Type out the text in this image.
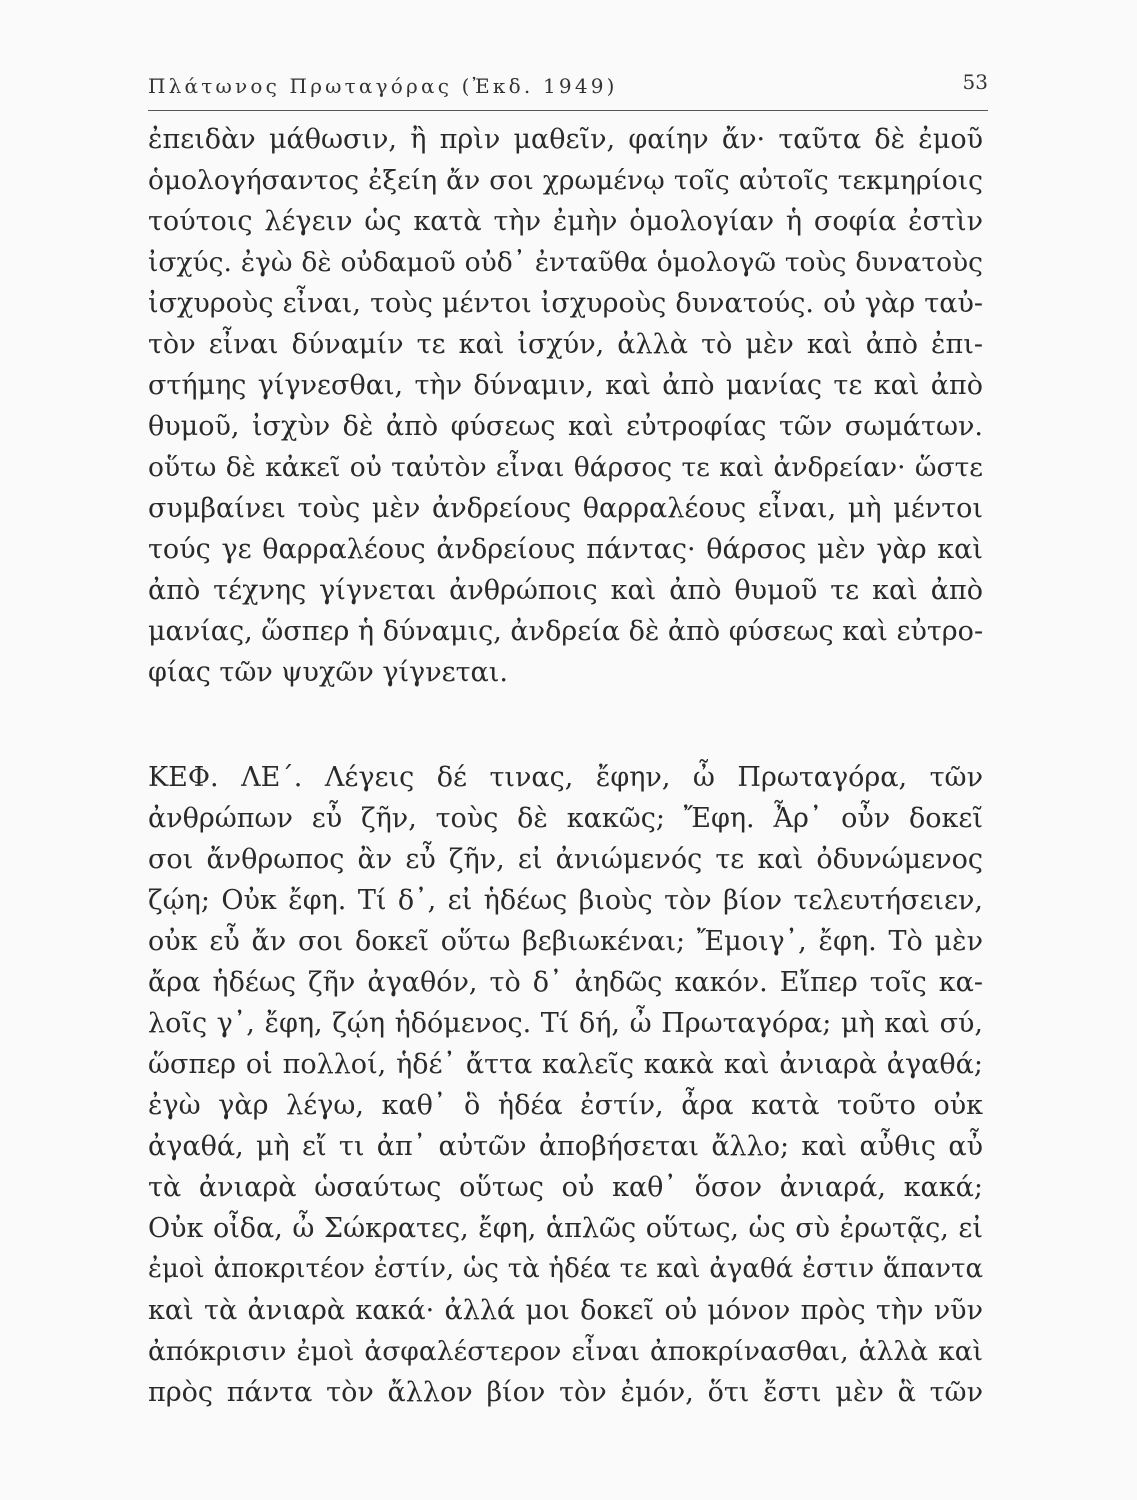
Πλάτωνος Πρωταγόρας (Ἐκδ. 1949)	53
ἐπειδὰν μάθωσιν, ἢ πρὶν μαθεῖν, φαίην ἄν· ταῦτα δὲ ἐμοῦ
ὁμολογήσαντος ἐξείη ἄν σοι χρωμένῳ τοῖς αὐτοῖς τεκμηρίοις
τούτοις λέγειν ὡς κατὰ τὴν ἐμὴν ὁμολογίαν ἡ σοφία ἐστὶν
ἰσχύς. ἐγὼ δὲ οὐδαμοῦ οὐδ᾽ ἐνταῦθα ὁμολογῶ τοὺς δυνατοὺς
ἰσχυροὺς εἶναι, τοὺς μέντοι ἰσχυροὺς δυνατούς. οὐ γὰρ ταὐ-
τὸν εἶναι δύναμίν τε καὶ ἰσχύν, ἀλλὰ τὸ μὲν καὶ ἀπὸ ἐπι-
στήμης γίγνεσθαι, τὴν δύναμιν, καὶ ἀπὸ μανίας τε καὶ ἀπὸ
θυμοῦ, ἰσχὺν δὲ ἀπὸ φύσεως καὶ εὐτροφίας τῶν σωμάτων.
οὕτω δὲ κἀκεῖ οὐ ταὐτὸν εἶναι θάρσος τε καὶ ἀνδρείαν· ὥστε
συμβαίνει τοὺς μὲν ἀνδρείους θαρραλέους εἶναι, μὴ μέντοι
τούς γε θαρραλέους ἀνδρείους πάντας· θάρσος μὲν γὰρ καὶ
ἀπὸ τέχνης γίγνεται ἀνθρώποις καὶ ἀπὸ θυμοῦ τε καὶ ἀπὸ
μανίας, ὥσπερ ἡ δύναμις, ἀνδρεία δὲ ἀπὸ φύσεως καὶ εὐτρο-
φίας τῶν ψυχῶν γίγνεται.
ΚΕΦ. ΛΕ΄. Λέγεις δέ τινας, ἔφην, ὦ Πρωταγόρα, τῶν
ἀνθρώπων εὖ ζῆν, τοὺς δὲ κακῶς; Ἔφη. Ἆρ᾽ οὖν δοκεῖ
σοι ἄνθρωπος ἂν εὖ ζῆν, εἰ ἀνιώμενός τε καὶ ὀδυνώμενος
ζῴη; Οὐκ ἔφη. Τί δ᾽, εἰ ἡδέως βιοὺς τὸν βίον τελευτήσειεν,
οὐκ εὖ ἄν σοι δοκεῖ οὕτω βεβιωκέναι; Ἔμοιγ᾽, ἔφη. Τὸ μὲν
ἄρα ἡδέως ζῆν ἀγαθόν, τὸ δ᾽ ἀηδῶς κακόν. Εἴπερ τοῖς κα-
λοῖς γ᾽, ἔφη, ζῴη ἡδόμενος. Τί δή, ὦ Πρωταγόρα; μὴ καὶ σύ,
ὥσπερ οἱ πολλοί, ἡδέ᾽ ἄττα καλεῖς κακὰ καὶ ἀνιαρὰ ἀγαθά;
ἐγὼ γὰρ λέγω, καθ᾽ ὃ ἡδέα ἐστίν, ἆρα κατὰ τοῦτο οὐκ
ἀγαθά, μὴ εἴ τι ἀπ᾽ αὐτῶν ἀποβήσεται ἄλλο; καὶ αὖθις αὖ
τὰ ἀνιαρὰ ὡσαύτως οὕτως οὐ καθ᾽ ὅσον ἀνιαρά, κακά;
Οὐκ οἶδα, ὦ Σώκρατες, ἔφη, ἁπλῶς οὕτως, ὡς σὺ ἐρωτᾷς, εἰ
ἐμοὶ ἀποκριτέον ἐστίν, ὡς τὰ ἡδέα τε καὶ ἀγαθά ἐστιν ἅπαντα
καὶ τὰ ἀνιαρὰ κακά· ἀλλά μοι δοκεῖ οὐ μόνον πρὸς τὴν νῦν
ἀπόκρισιν ἐμοὶ ἀσφαλέστερον εἶναι ἀποκρίνασθαι, ἀλλὰ καὶ
πρὸς πάντα τὸν ἄλλον βίον τὸν ἐμόν, ὅτι ἔστι μὲν ἃ τῶν
